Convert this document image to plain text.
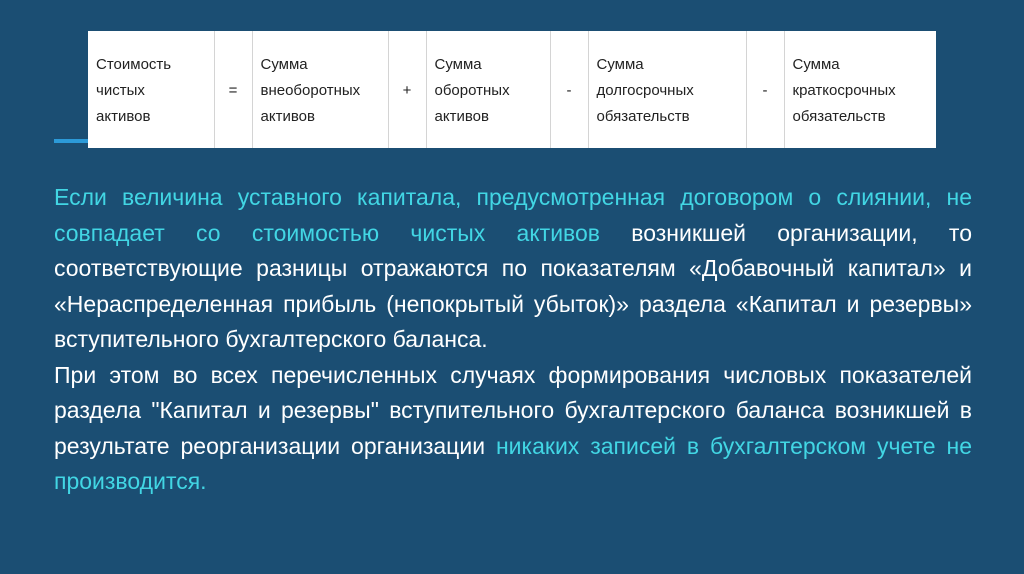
Стоимость
чистых
активов
	=	
Сумма
внеоборотных
активов
	+	
Сумма
оборотных
активов
	-	
Сумма
долгосрочных
обязательств
	-	
Сумма
краткосрочных
обязательств

Если величина уставного капитала, предусмотренная договором о слиянии, не совпадает со стоимостью чистых активов возникшей организации, то соответствующие разницы отражаются по показателям «Добавочный капитал» и «Нераспределенная прибыль (непокрытый убыток)» раздела «Капитал и резервы» вступительного бухгалтерского баланса.
При этом во всех перечисленных случаях формирования числовых показателей раздела "Капитал и резервы" вступительного бухгалтерского баланса возникшей в результате реорганизации организации никаких записей в бухгалтерском учете не производится.
